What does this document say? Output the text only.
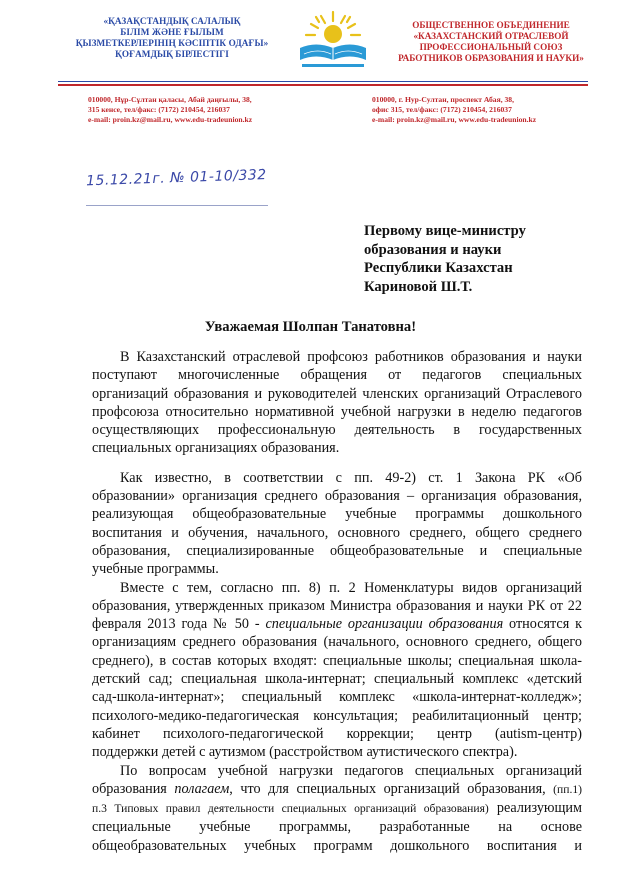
«ҚАЗАҚСТАНДЫҚ САЛАЛЫҚ
БІЛІМ ЖӘНЕ ҒЫЛЫМ
ҚЫЗМЕТКЕРЛЕРІНІҢ КӘСІПТІК ОДАҒЫ»
ҚОҒАМДЫҚ БІРЛЕСТІГІ
ОБЩЕСТВЕННОЕ ОБЪЕДИНЕНИЕ
«КАЗАХСТАНСКИЙ ОТРАСЛЕВОЙ
ПРОФЕССИОНАЛЬНЫЙ СОЮЗ
РАБОТНИКОВ ОБРАЗОВАНИЯ И НАУКИ»
010000, Нұр-Сұлтан қаласы, Абай даңғылы, 38,
315 кенсе, тел/факс: (7172) 210454, 216037
e-mail: proin.kz@mail.ru, www.edu-tradeunion.kz
010000, г. Нур-Султан, проспект Абая, 38,
офис 315, тел/факс: (7172) 210454, 216037
e-mail: proin.kz@mail.ru, www.edu-tradeunion.kz
15.12.21г. № 01-10/332
Первому вице-министру
образования и науки
Республики Казахстан
Кариновой Ш.Т.
Уважаемая Шолпан Танатовна!
В Казахстанский отраслевой профсоюз работников образования и науки
поступают многочисленные обращения от педагогов специальных
организаций образования и руководителей членских организаций Отраслевого
профсоюза относительно нормативной учебной нагрузки в неделю педагогов
осуществляющих профессиональную деятельность в государственных
специальных организациях образования.
Как известно, в соответствии с пп. 49-2) ст. 1 Закона РК «Об
образовании» организация среднего образования – организация образования,
реализующая общеобразовательные учебные программы дошкольного
воспитания и обучения, начального, основного среднего, общего среднего
образования, специализированные общеобразовательные и специальные
учебные программы.
Вместе с тем, согласно пп. 8) п. 2 Номенклатуры видов организаций
образования, утвержденных приказом Министра образования и науки РК от 22
февраля 2013 года № 50 - специальные организации образования относятся к
организациям среднего образования (начального, основного среднего, общего
среднего), в состав которых входят: специальные школы; специальная школа-
детский сад; специальная школа-интернат; специальный комплекс «детский
сад-школа-интернат»; специальный комплекс «школа-интернат-колледж»;
психолого-медико-педагогическая консультация; реабилитационный центр;
кабинет психолого-педагогической коррекции; центр (autism-центр)
поддержки детей с аутизмом (расстройством аутистического спектра).
По вопросам учебной нагрузки педагогов специальных организаций
образования полагаем, что для специальных организаций образования, (пп.1)
п.3 Типовых правил деятельности специальных организаций образования) реализующим
специальные учебные программы, разработанные на основе
общеобразовательных учебных программ дошкольного воспитания и
